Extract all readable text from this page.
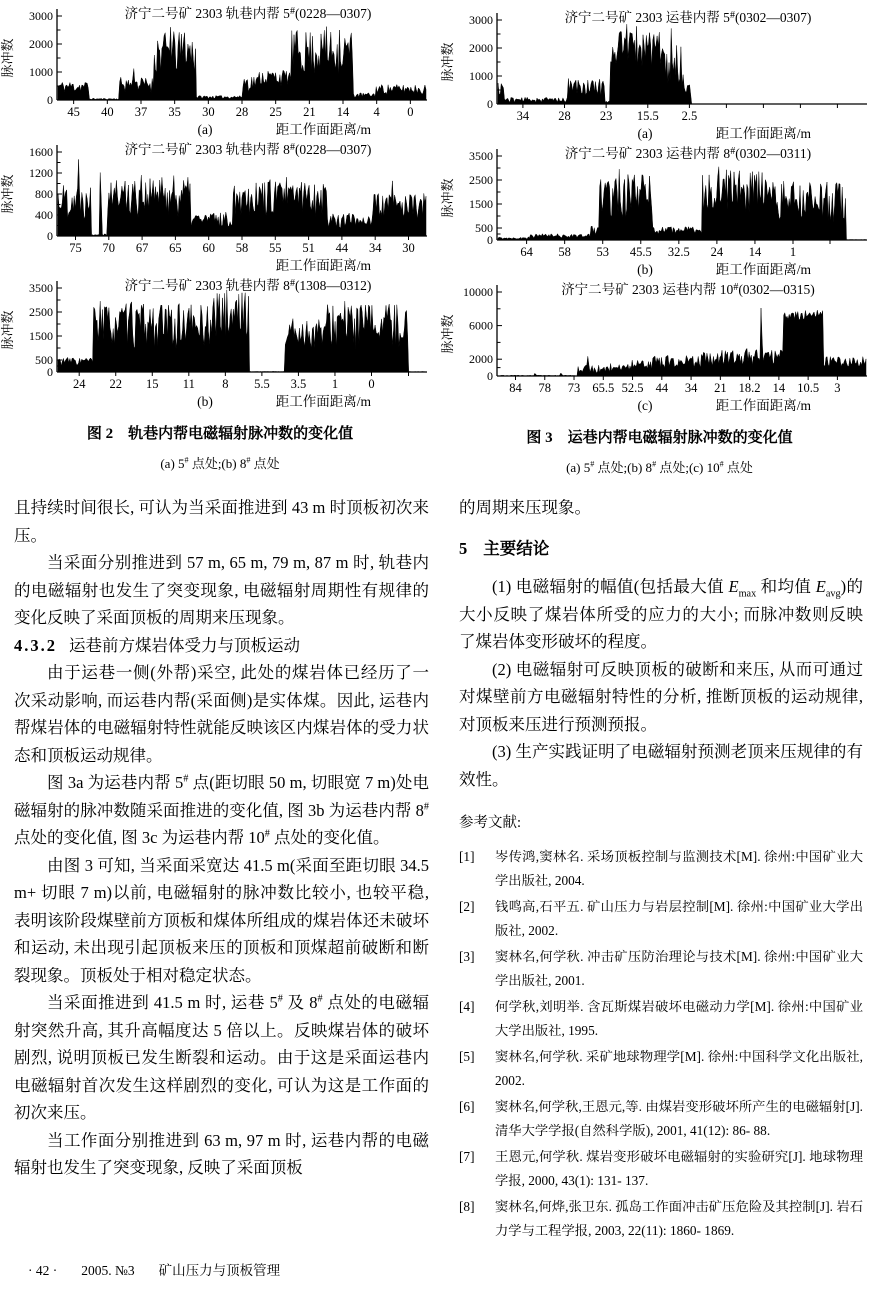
0
1000
2000
3000
45 40 37 35 30 28 25 21 14 4 0
脉冲数
济宁二号矿 2303 轨巷内帮 5#(0228—0307)
距工作面距离/m
(a)
0
400
800
1200
1600
75 70 67 65 60 58 55 51 44 34 30
脉冲数
济宁二号矿 2303 轨巷内帮 8#(0228—0307)
距工作面距离/m
0
500
1500
2500
3500
24 22 15 11 8 5.5 3.5 1 0
脉冲数
济宁二号矿 2303 轨巷内帮 8#(1308—0312)
距工作面距离/m
(b)
图 2　轨巷内帮电磁辐射脉冲数的变化值
(a) 5# 点处;(b) 8# 点处
0
1000
2000
3000
34 28 23 15.5 2.5
脉冲数
济宁二号矿 2303 运巷内帮 5#(0302—0307)
距工作面距离/m
(a)
0
500
1500
2500
3500
64 58 53 45.5 32.5 24 14 1
脉冲数
济宁二号矿 2303 运巷内帮 8#(0302—0311)
距工作面距离/m
(b)
0
2000
6000
10000
84 78 73 65.5 52.5 44 34 21 18.2 14 10.5 3
脉冲数
济宁二号矿 2303 运巷内帮 10#(0302—0315)
距工作面距离/m
(c)
图 3　运巷内帮电磁辐射脉冲数的变化值
(a) 5# 点处;(b) 8# 点处;(c) 10# 点处

且持续时间很长, 可认为当采面推进到 43 m 时顶板初次来压。

当采面分别推进到 57 m, 65 m, 79 m, 87 m 时, 轨巷内的电磁辐射也发生了突变现象, 电磁辐射周期性有规律的变化反映了采面顶板的周期来压现象。

4.3.2 运巷前方煤岩体受力与顶板运动

由于运巷一侧(外帮)采空, 此处的煤岩体已经历了一次采动影响, 而运巷内帮(采面侧)是实体煤。因此, 运巷内帮煤岩体的电磁辐射特性就能反映该区内煤岩体的受力状态和顶板运动规律。

图 3a 为运巷内帮 5# 点(距切眼 50 m, 切眼宽 7 m)处电磁辐射的脉冲数随采面推进的变化值, 图 3b 为运巷内帮 8# 点处的变化值, 图 3c 为运巷内帮 10# 点处的变化值。

由图 3 可知, 当采面采宽达 41.5 m(采面至距切眼 34.5 m+ 切眼 7 m)以前, 电磁辐射的脉冲数比较小, 也较平稳, 表明该阶段煤壁前方顶板和煤体所组成的煤岩体还未破坏和运动, 未出现引起顶板来压的顶板和顶煤超前破断和断裂现象。顶板处于相对稳定状态。

当采面推进到 41.5 m 时, 运巷 5# 及 8# 点处的电磁辐射突然升高, 其升高幅度达 5 倍以上。反映煤岩体的破坏剧烈, 说明顶板已发生断裂和运动。由于这是采面运巷内电磁辐射首次发生这样剧烈的变化, 可认为这是工作面的初次来压。

当工作面分别推进到 63 m, 97 m 时, 运巷内帮的电磁辐射也发生了突变现象, 反映了采面顶板

的周期来压现象。

5 主要结论

(1) 电磁辐射的幅值(包括最大值 $E_{max}$ 和均值 $E_{avg}$)的大小反映了煤岩体所受的应力的大小; 而脉冲数则反映了煤岩体变形破坏的程度。

(2) 电磁辐射可反映顶板的破断和来压, 从而可通过对煤壁前方电磁辐射特性的分析, 推断顶板的运动规律, 对顶板来压进行预测预报。

(3) 生产实践证明了电磁辐射预测老顶来压规律的有效性。

参考文献:

[1]	岑传鸿,窦林名. 采场顶板控制与监测技术[M]. 徐州:中国矿业大学出版社, 2004.
[2]	钱鸣高,石平五. 矿山压力与岩层控制[M]. 徐州:中国矿业大学出版社, 2002.
[3]	窦林名,何学秋. 冲击矿压防治理论与技术[M]. 徐州:中国矿业大学出版社, 2001.
[4]	何学秋,刘明举. 含瓦斯煤岩破坏电磁动力学[M]. 徐州:中国矿业大学出版社, 1995.
[5]	窦林名,何学秋. 采矿地球物理学[M]. 徐州:中国科学文化出版社, 2002.
[6]	窦林名,何学秋,王恩元,等. 由煤岩变形破坏所产生的电磁辐射[J]. 清华大学学报(自然科学版), 2001, 41(12): 86- 88.
[7]	王恩元,何学秋. 煤岩变形破坏电磁辐射的实验研究[J]. 地球物理学报, 2000, 43(1): 131- 137.
[8]	窦林名,何烨,张卫东. 孤岛工作面冲击矿压危险及其控制[J]. 岩石力学与工程学报, 2003, 22(11): 1860- 1869.
· 42 · 2005. №3 矿山压力与顶板管理
